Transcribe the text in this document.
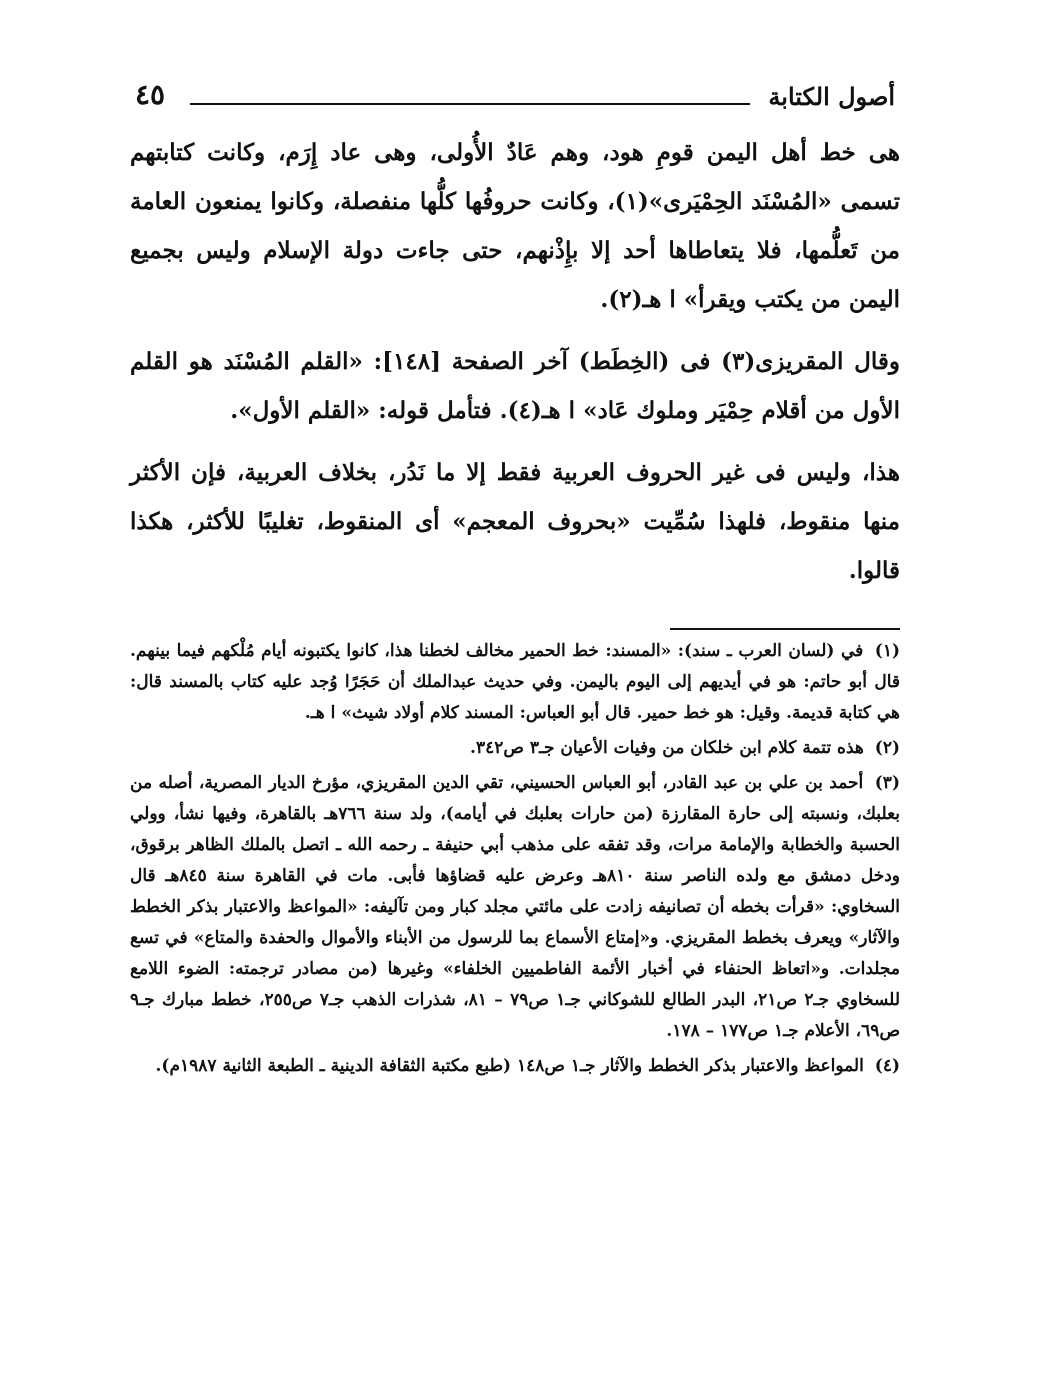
أصول الكتابة
٤٥

هى خط أهل اليمن قومِ هود، وهم عَادٌ الأُولى، وهى عاد إِرَم، وكانت كتابتهم تسمى «المُسْنَد الحِمْيَرى»(١)، وكانت حروفُها كلُّها منفصلة، وكانوا يمنعون العامة من تَعلُّمها، فلا يتعاطاها أحد إلا بإِذْنهم، حتى جاءت دولة الإسلام وليس بجميع اليمن من يكتب ويقرأ» ا هـ(٢).

وقال المقريزى(٣) فى (الخِطَط) آخر الصفحة [١٤٨]: «القلم المُسْنَد هو القلم الأول من أقلام حِمْيَر وملوك عَاد» ا هـ(٤). فتأمل قوله: «القلم الأول».

هذا، وليس فى غير الحروف العربية فقط إلا ما نَدُر، بخلاف العربية، فإن الأكثر منها منقوط، فلهذا سُمِّيت «بحروف المعجم» أى المنقوط، تغليبًا للأكثر، هكذا قالوا.

(١) في (لسان العرب ـ سند): «المسند: خط الحمير مخالف لخطنا هذا، كانوا يكتبونه أيام مُلْكهم فيما بينهم. قال أبو حاتم: هو في أيديهم إلى اليوم باليمن. وفي حديث عبدالملك أن حَجَرًا وُجد عليه كتاب بالمسند قال: هي كتابة قديمة. وقيل: هو خط حمير. قال أبو العباس: المسند كلام أولاد شيث» ا هـ.
(٢) هذه تتمة كلام ابن خلكان من وفيات الأعيان جـ٣ ص٣٤٢.
(٣) أحمد بن علي بن عبد القادر، أبو العباس الحسيني، تقي الدين المقريزي، مؤرخ الديار المصرية، أصله من بعلبك، ونسبته إلى حارة المقارزة (من حارات بعلبك في أيامه)، ولد سنة ٧٦٦هـ بالقاهرة، وفيها نشأ، وولي الحسبة والخطابة والإمامة مرات، وقد تفقه على مذهب أبي حنيفة ـ رحمه الله ـ اتصل بالملك الظاهر برقوق، ودخل دمشق مع ولده الناصر سنة ٨١٠هـ وعرض عليه قضاؤها فأبى. مات في القاهرة سنة ٨٤٥هـ قال السخاوي: «قرأت بخطه أن تصانيفه زادت على مائتي مجلد كبار ومن تآليفه: «المواعظ والاعتبار بذكر الخطط والآثار» ويعرف بخطط المقريزي. و«إمتاع الأسماع بما للرسول من الأبناء والأموال والحفدة والمتاع» في تسع مجلدات. و«اتعاظ الحنفاء في أخبار الأئمة الفاطميين الخلفاء» وغيرها (من مصادر ترجمته: الضوء اللامع للسخاوي جـ٢ ص٢١، البدر الطالع للشوكاني جـ١ ص٧٩ – ٨١، شذرات الذهب جـ٧ ص٢٥٥، خطط مبارك جـ٩ ص٦٩، الأعلام جـ١ ص١٧٧ – ١٧٨.
(٤) المواعظ والاعتبار بذكر الخطط والآثار جـ١ ص١٤٨ (طبع مكتبة الثقافة الدينية ـ الطبعة الثانية ١٩٨٧م).
